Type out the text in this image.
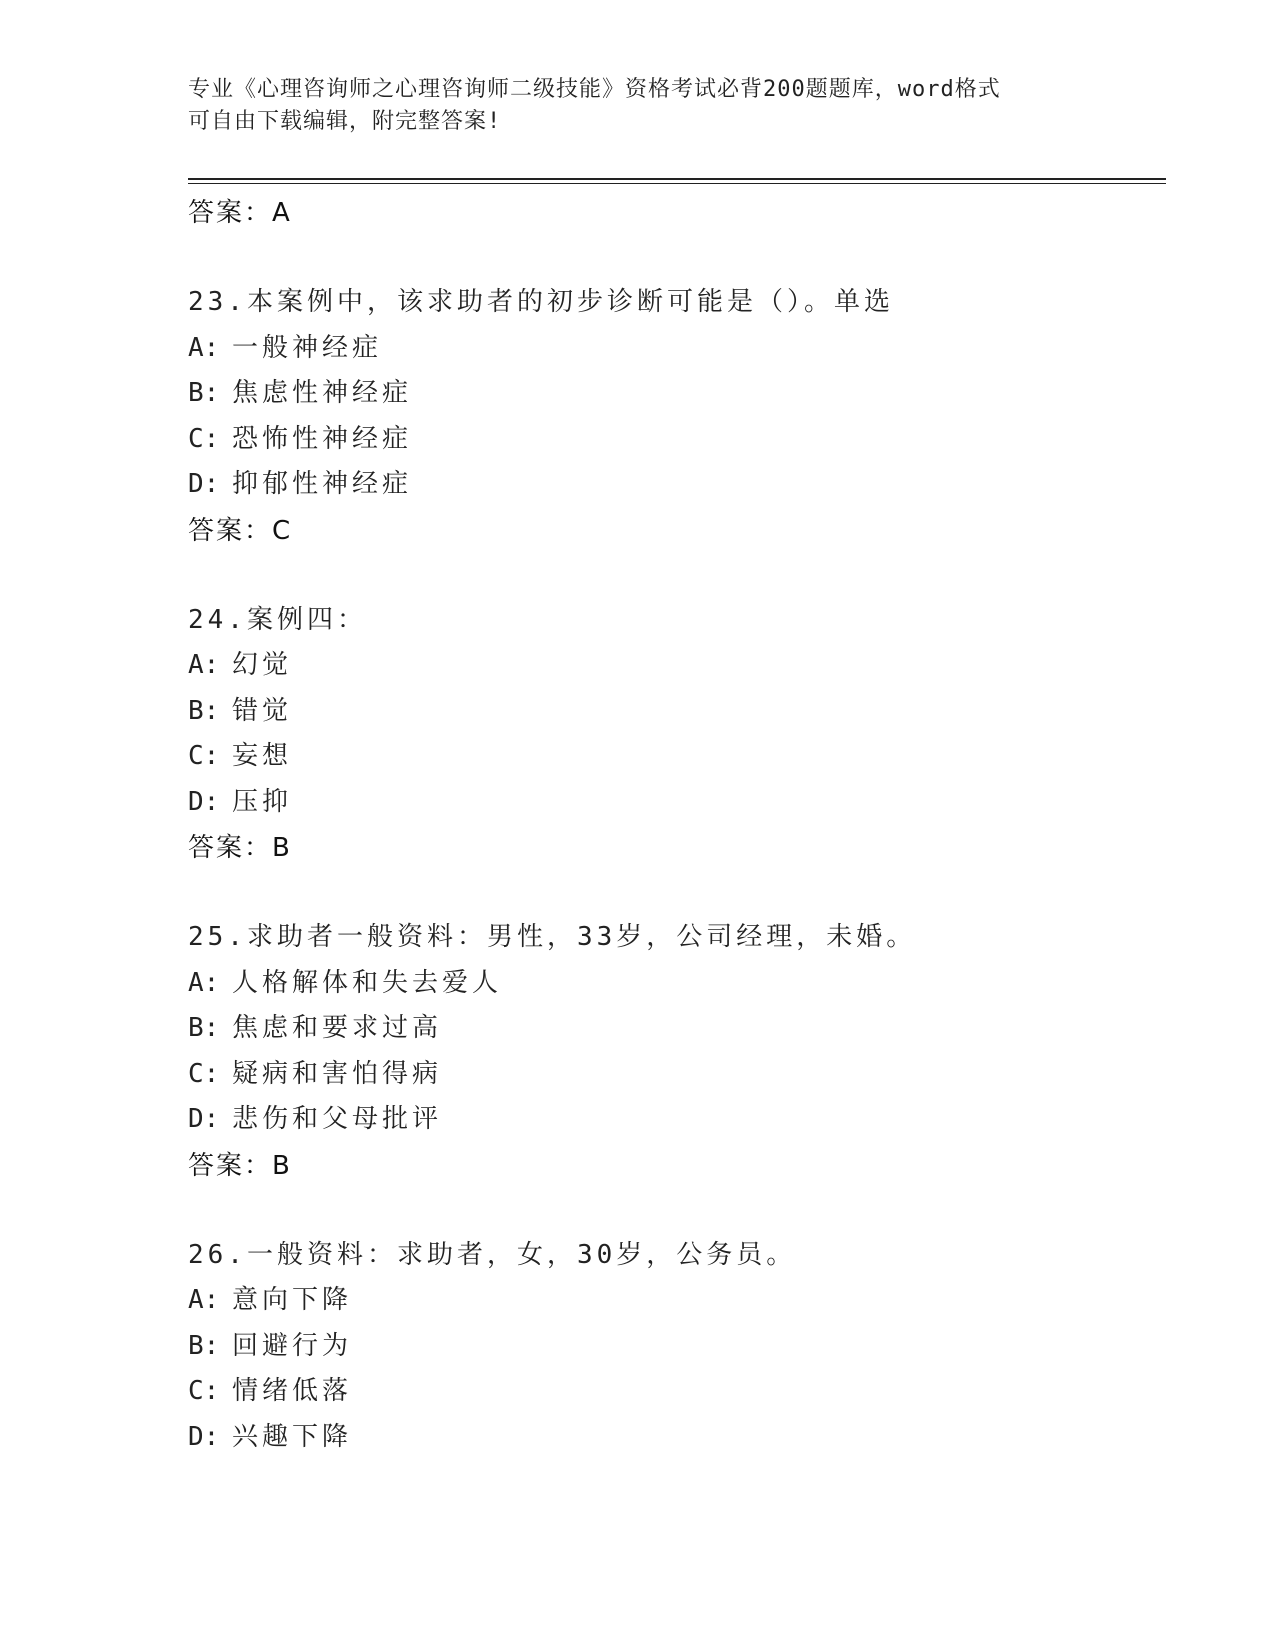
专业《心理咨询师之心理咨询师二级技能》资格考试必背200题题库，word格式
可自由下载编辑，附完整答案!
答案：A
23.本案例中，该求助者的初步诊断可能是（）。单选
A: 一般神经症
B: 焦虑性神经症
C: 恐怖性神经症
D: 抑郁性神经症
答案：C
24.案例四：
A: 幻觉
B: 错觉
C: 妄想
D: 压抑
答案：B
25.求助者一般资料：男性，33岁，公司经理，未婚。
A: 人格解体和失去爱人
B: 焦虑和要求过高
C: 疑病和害怕得病
D: 悲伤和父母批评
答案：B
26.一般资料：求助者，女，30岁，公务员。
A: 意向下降
B: 回避行为
C: 情绪低落
D: 兴趣下降
